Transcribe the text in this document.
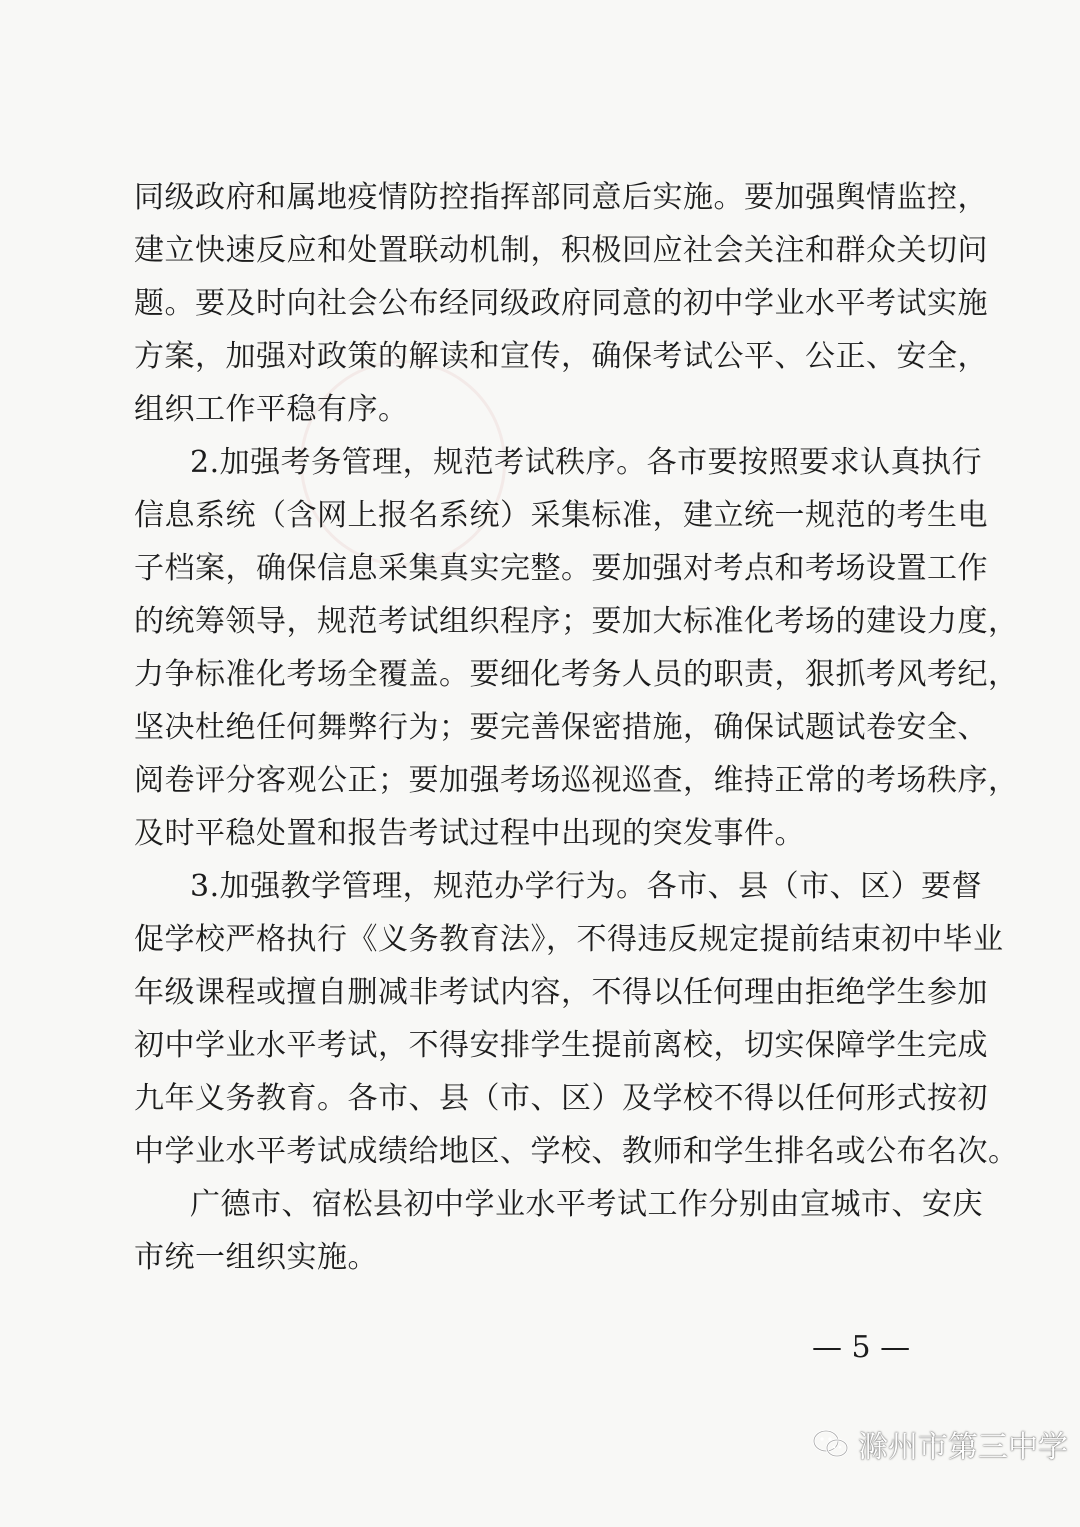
同级政府和属地疫情防控指挥部同意后实施。要加强舆情监控，
建立快速反应和处置联动机制，积极回应社会关注和群众关切问
题。要及时向社会公布经同级政府同意的初中学业水平考试实施
方案，加强对政策的解读和宣传，确保考试公平、公正、安全，
组织工作平稳有序。
2.加强考务管理，规范考试秩序。各市要按照要求认真执行
信息系统（含网上报名系统）采集标准，建立统一规范的考生电
子档案，确保信息采集真实完整。要加强对考点和考场设置工作
的统筹领导，规范考试组织程序；要加大标准化考场的建设力度，
力争标准化考场全覆盖。要细化考务人员的职责，狠抓考风考纪，
坚决杜绝任何舞弊行为；要完善保密措施，确保试题试卷安全、
阅卷评分客观公正；要加强考场巡视巡查，维持正常的考场秩序，
及时平稳处置和报告考试过程中出现的突发事件。
3.加强教学管理，规范办学行为。各市、县（市、区）要督
促学校严格执行《义务教育法》，不得违反规定提前结束初中毕业
年级课程或擅自删减非考试内容，不得以任何理由拒绝学生参加
初中学业水平考试，不得安排学生提前离校，切实保障学生完成
九年义务教育。各市、县（市、区）及学校不得以任何形式按初
中学业水平考试成绩给地区、学校、教师和学生排名或公布名次。
广德市、宿松县初中学业水平考试工作分别由宣城市、安庆
市统一组织实施。
— 5 —
滁州市第三中学
